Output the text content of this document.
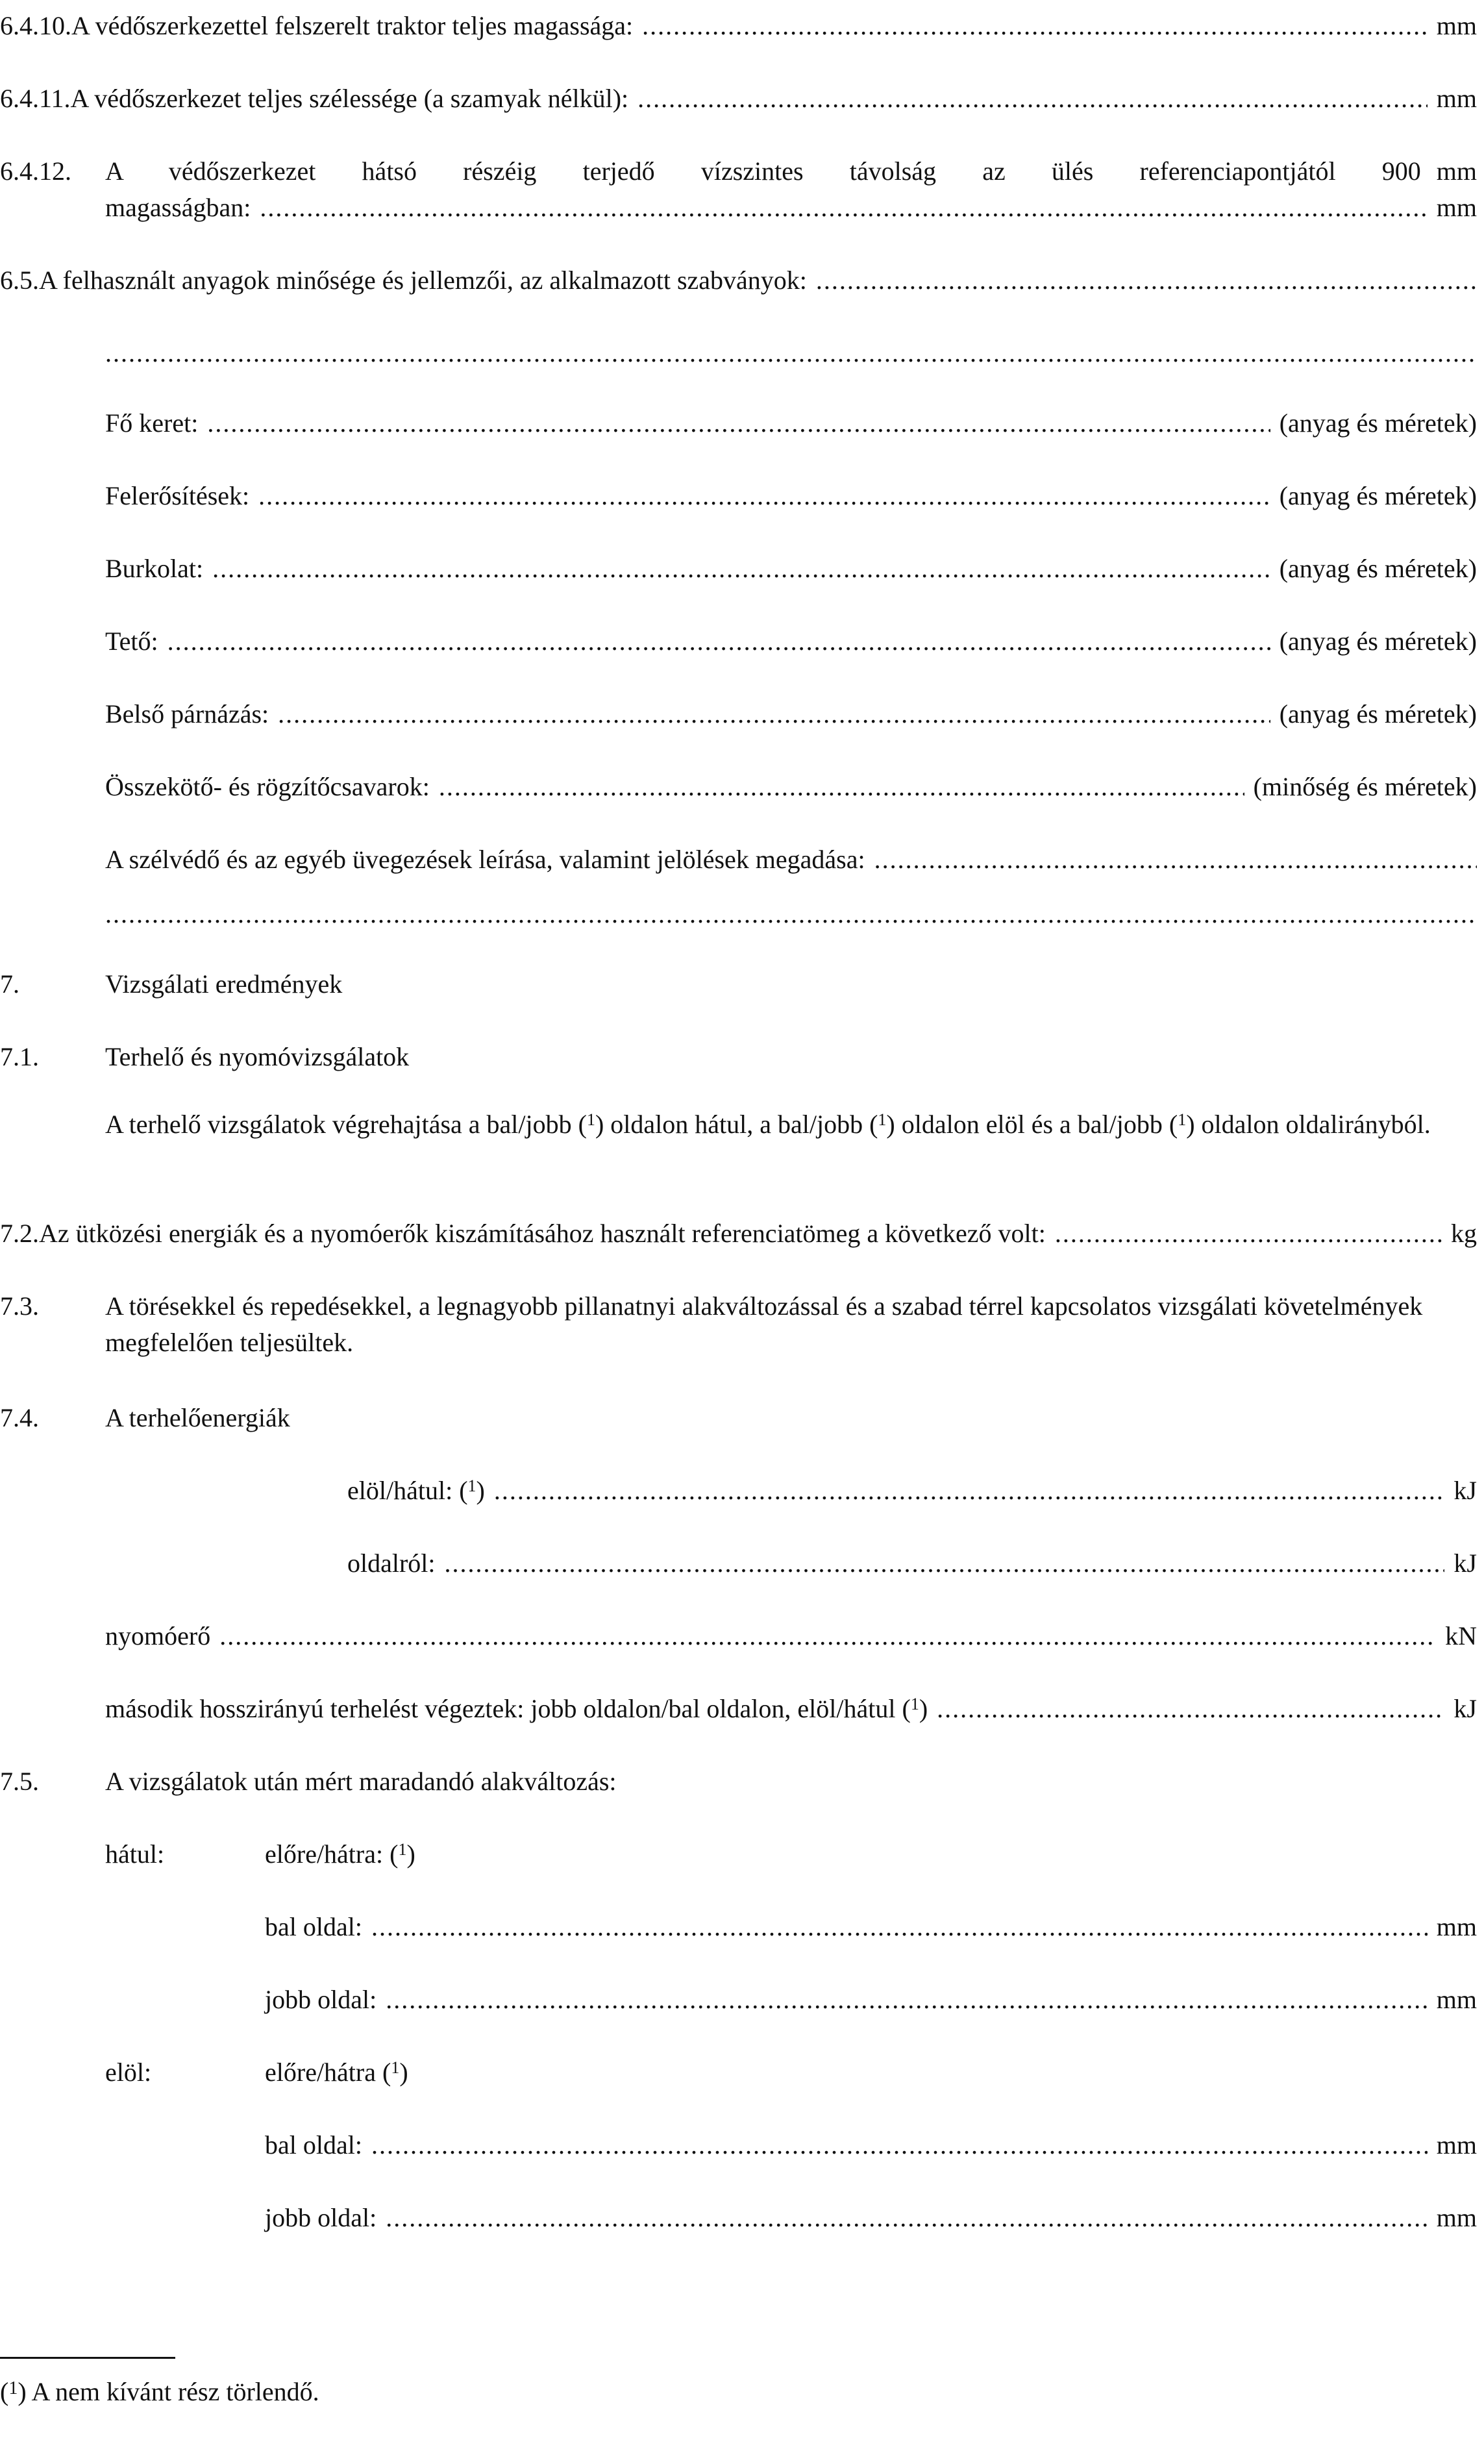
6.4.10. A védőszerkezettel felszerelt traktor teljes magassága: .....	mm
6.4.11. A védőszerkezet teljes szélessége (a szamyak nélkül): .....	mm
6.4.12.	A védőszerkezet hátsó részéig terjedő vízszintes távolság az ülés referenciapontjától 900 mm
magasságban: .....	mm
6.5. A felhasznált anyagok minősége és jellemzői, az alkalmazott szabványok:
.....
.....
Fő keret: .....	(anyag és méretek)
Felerősítések: .....	(anyag és méretek)
Burkolat: .....	(anyag és méretek)
Tető: .....	(anyag és méretek)
Belső párnázás: .....	(anyag és méretek)
Összekötő- és rögzítőcsavarok: .....	(minőség és méretek)
A szélvédő és az egyéb üvegezések leírása, valamint jelölések megadása:
.....
.....
7.	Vizsgálati eredmények
7.1.	Terhelő és nyomóvizsgálatok
A terhelő vizsgálatok végrehajtása a bal/jobb ($^1$) oldalon hátul, a bal/jobb ($^1$) oldalon elöl és a bal/jobb ($^1$) oldalon oldalirányból.
7.2. Az ütközési energiák és a nyomóerők kiszámításához használt referenciatömeg a következő volt: .....	kg
7.3.	A törésekkel és repedésekkel, a legnagyobb pillanatnyi alakváltozással és a szabad térrel kapcsolatos vizsgálati követelmények megfelelően teljesültek.
7.4.	A terhelőenergiák
elöl/hátul: ($^1$) .....	kJ
oldalról: .....	kJ
nyomóerő .....	kN
második hosszirányú terhelést végeztek: jobb oldalon/bal oldalon, elöl/hátul ($^1$) .....	kJ
7.5.	A vizsgálatok után mért maradandó alakváltozás:
hátul:	előre/hátra: ($^1$)
bal oldal: .....	mm
jobb oldal: .....	mm
elöl:	előre/hátra ($^1$)
bal oldal: .....	mm
jobb oldal: .....	mm
($^1$) A nem kívánt rész törlendő.
